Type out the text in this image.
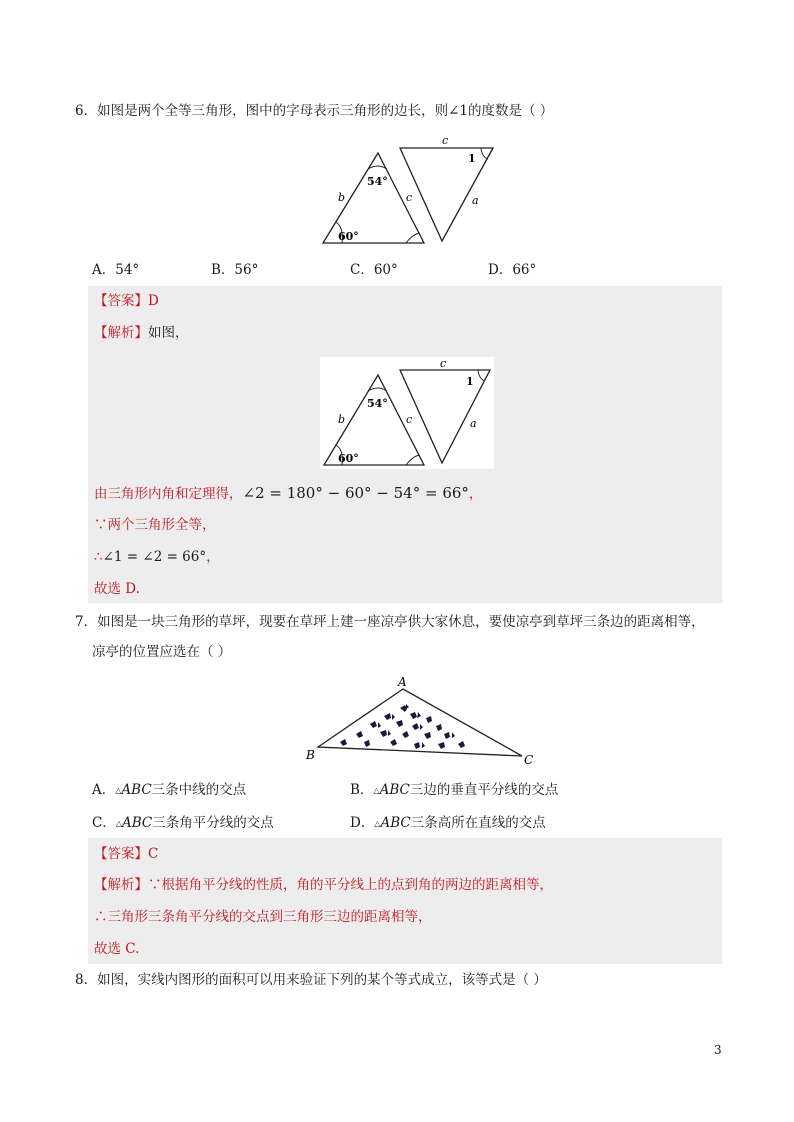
6．如图是两个全等三角形，图中的字母表示三角形的边长，则∠1的度数是（ ）
54°
60°
b	c
c
1
a
A．54°	B．56°	C．60°	D．66°
【答案】D
【解析】如图，
54°
60°
b	c
c
1
a
由三角形内角和定理得，∠2 = 180° − 60° − 54° = 66°，
∵两个三角形全等，
∴∠1 = ∠2 = 66°，
故选 D.
7．如图是一块三角形的草坪，现要在草坪上建一座凉亭供大家休息，要使凉亭到草坪三条边的距离相等，
凉亭的位置应选在（ ）
A
B	C
A．△ABC三条中线的交点	B．△ABC三边的垂直平分线的交点
C．△ABC三条角平分线的交点	D．△ABC三条高所在直线的交点
【答案】C
【解析】∵根据角平分线的性质，角的平分线上的点到角的两边的距离相等，
∴三角形三条角平分线的交点到三角形三边的距离相等，
故选 C.
8．如图，实线内图形的面积可以用来验证下列的某个等式成立，该等式是（ ）
3
